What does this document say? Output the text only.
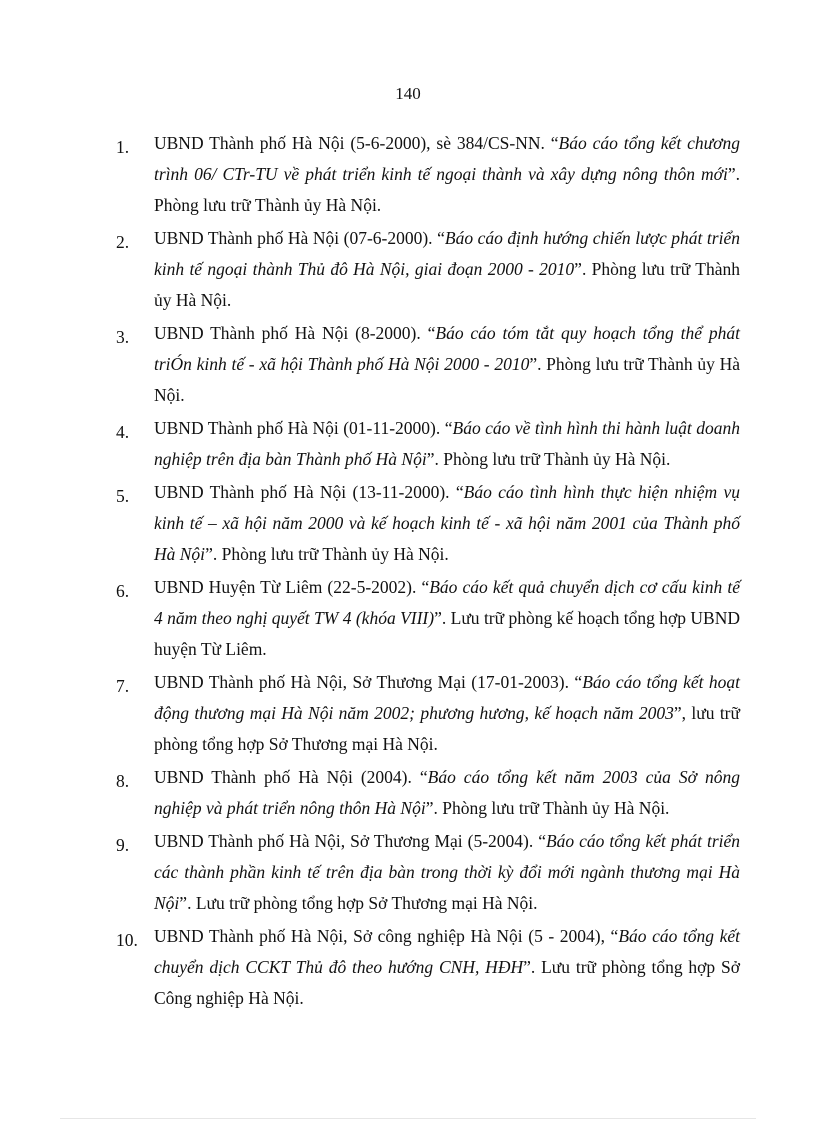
140
1.	UBND Thành phố Hà Nội (5-6-2000), sè 384/CS-NN. “Báo cáo tổng kết chương trình 06/ CTr-TU về phát triển kinh tế ngoại thành và xây dựng nông thôn mới”. Phòng lưu trữ Thành ủy Hà Nội.
2.	UBND Thành phố Hà Nội (07-6-2000). “Báo cáo định hướng chiến lược phát triển kinh tế ngoại thành Thủ đô Hà Nội, giai đoạn 2000 - 2010”. Phòng lưu trữ Thành ủy Hà Nội.
3.	UBND Thành phố Hà Nội (8-2000). “Báo cáo tóm tắt quy hoạch tổng thể phát triÓn kinh tế - xã hội Thành phố Hà Nội 2000 - 2010”. Phòng lưu trữ Thành ủy Hà Nội.
4.	UBND Thành phố Hà Nội (01-11-2000). “Báo cáo về tình hình thi hành luật doanh nghiệp trên địa bàn Thành phố Hà Nội”. Phòng lưu trữ Thành ủy Hà Nội.
5.	UBND Thành phố Hà Nội (13-11-2000). “Báo cáo tình hình thực hiện nhiệm vụ kinh tế – xã hội năm 2000 và kế hoạch kinh tế - xã hội năm 2001 của Thành phố Hà Nội”. Phòng lưu trữ Thành ủy Hà Nội.
6.	UBND Huyện Từ Liêm (22-5-2002). “Báo cáo kết quả chuyển dịch cơ cấu kinh tế 4 năm theo nghị quyết TW 4 (khóa VIII)”. Lưu trữ phòng kế hoạch tổng hợp UBND huyện Từ Liêm.
7.	UBND Thành phố Hà Nội, Sở Thương Mại (17-01-2003). “Báo cáo tổng kết hoạt động thương mại Hà Nội năm 2002; phương hương, kế hoạch năm 2003”, lưu trữ phòng tổng hợp Sở Thương mại Hà Nội.
8.	UBND Thành phố Hà Nội (2004). “Báo cáo tổng kết năm 2003 của Sở nông nghiệp và phát triển nông thôn Hà Nội”. Phòng lưu trữ Thành ủy Hà Nội.
9.	UBND Thành phố Hà Nội, Sở Thương Mại (5-2004). “Báo cáo tổng kết phát triển các thành phần kinh tế trên địa bàn trong thời kỳ đổi mới ngành thương mại Hà Nội”. Lưu trữ phòng tổng hợp Sở Thương mại Hà Nội.
10. UBND Thành phố Hà Nội, Sở công nghiệp Hà Nội (5 - 2004), “Báo cáo tổng kết chuyển dịch CCKT Thủ đô theo hướng CNH, HĐH”. Lưu trữ phòng tổng hợp Sở Công nghiệp Hà Nội.
